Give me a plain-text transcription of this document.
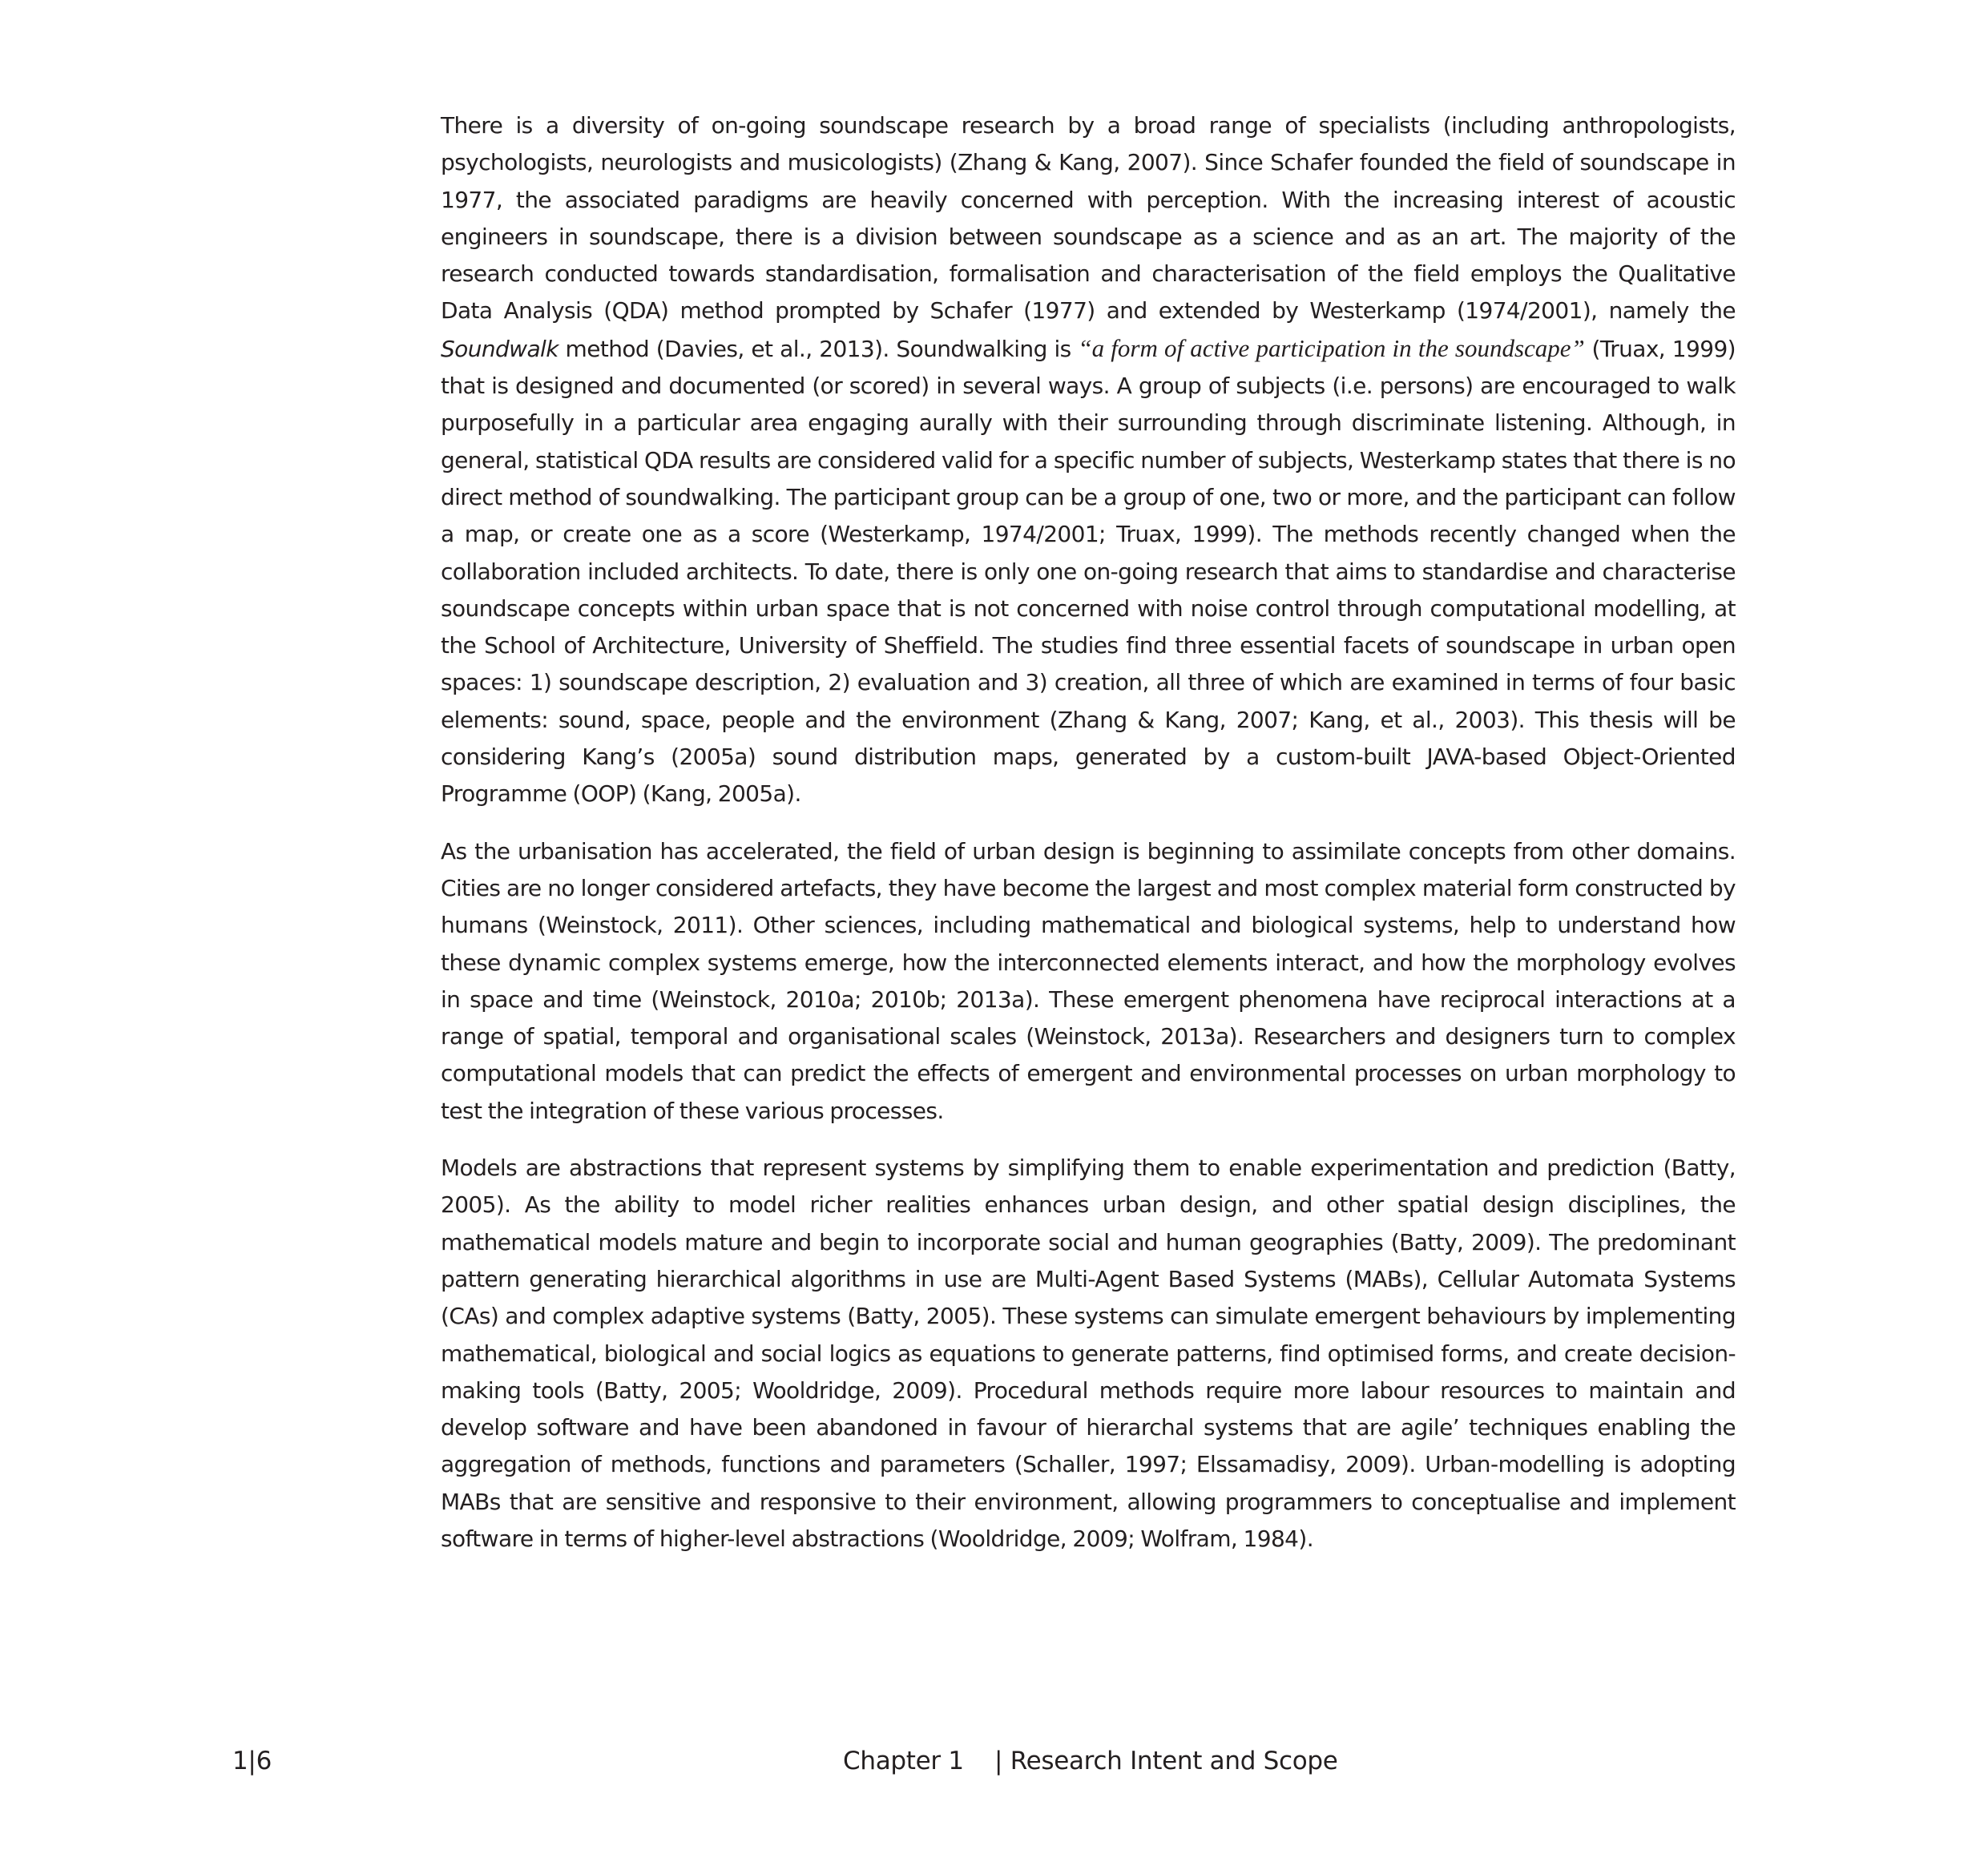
There is a diversity of on-going soundscape research by a broad range of specialists (including anthropologists, psychologists, neurologists and musicologists) (Zhang & Kang, 2007). Since Schafer founded the field of soundscape in 1977, the associated paradigms are heavily concerned with perception. With the increasing interest of acoustic engineers in soundscape, there is a division between soundscape as a science and as an art. The majority of the research conducted towards standardisation, formalisation and characterisation of the field employs the Qualitative Data Analysis (QDA) method prompted by Schafer (1977) and extended by Westerkamp (1974/2001), namely the Soundwalk method (Davies, et al., 2013). Soundwalking is “a form of active participation in the soundscape” (Truax, 1999) that is designed and documented (or scored) in several ways. A group of subjects (i.e. persons) are encouraged to walk purposefully in a particular area engaging aurally with their surrounding through discriminate listening. Although, in general, statistical QDA results are considered valid for a specific number of subjects, Westerkamp states that there is no direct method of soundwalking. The participant group can be a group of one, two or more, and the participant can follow a map, or create one as a score (Westerkamp, 1974/2001; Truax, 1999). The methods recently changed when the collaboration included architects. To date, there is only one on-going research that aims to standardise and characterise soundscape concepts within urban space that is not concerned with noise control through computational modelling, at the School of Architecture, University of Sheffield. The studies find three essential facets of soundscape in urban open spaces: 1) soundscape description, 2) evaluation and 3) creation, all three of which are examined in terms of four basic elements: sound, space, people and the environment (Zhang & Kang, 2007; Kang, et al., 2003). This thesis will be considering Kang’s (2005a) sound distribution maps, generated by a custom-built JAVA-based Object-Oriented Programme (OOP) (Kang, 2005a).

As the urbanisation has accelerated, the field of urban design is beginning to assimilate concepts from other domains. Cities are no longer considered artefacts, they have become the largest and most complex material form constructed by humans (Weinstock, 2011). Other sciences, including mathematical and biological systems, help to understand how these dynamic complex systems emerge, how the interconnected elements interact, and how the morphology evolves in space and time (Weinstock, 2010a; 2010b; 2013a). These emergent phenomena have reciprocal interactions at a range of spatial, temporal and organisational scales (Weinstock, 2013a). Researchers and designers turn to complex computational models that can predict the effects of emergent and environmental processes on urban morphology to test the integration of these various processes.

Models are abstractions that represent systems by simplifying them to enable experimentation and prediction (Batty, 2005). As the ability to model richer realities enhances urban design, and other spatial design disciplines, the mathematical models mature and begin to incorporate social and human geographies (Batty, 2009). The predominant pattern generating hierarchical algorithms in use are Multi-Agent Based Systems (MABs), Cellular Automata Systems (CAs) and complex adaptive systems (Batty, 2005). These systems can simulate emergent behaviours by implementing mathematical, biological and social logics as equations to generate patterns, find optimised forms, and create decision-making tools (Batty, 2005; Wooldridge, 2009). Procedural methods require more labour resources to maintain and develop software and have been abandoned in favour of hierarchal systems that are agile’ techniques enabling the aggregation of methods, functions and parameters (Schaller, 1997; Elssamadisy, 2009). Urban-modelling is adopting MABs that are sensitive and responsive to their environment, allowing programmers to conceptualise and implement software in terms of higher-level abstractions (Wooldridge, 2009; Wolfram, 1984).

1|6	Chapter 1    | Research Intent and Scope
